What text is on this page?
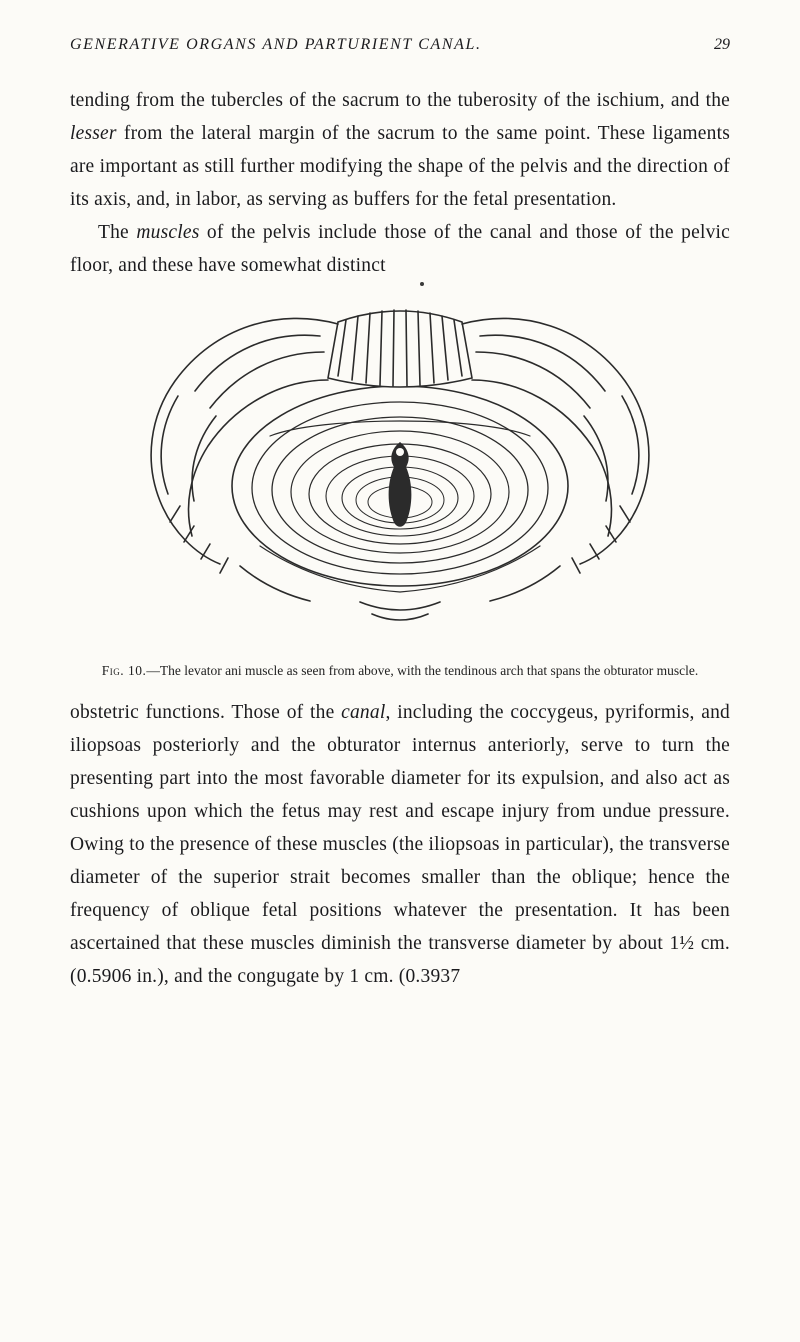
GENERATIVE ORGANS AND PARTURIENT CANAL.	29

tending from the tubercles of the sacrum to the tuberosity of the ischium, and the lesser from the lateral margin of the sacrum to the same point. These ligaments are important as still further modifying the shape of the pelvis and the direction of its axis, and, in labor, as serving as buffers for the fetal presentation.

The muscles of the pelvis include those of the canal and those of the pelvic floor, and these have somewhat distinct

Fig. 10.—The levator ani muscle as seen from above, with the tendinous arch that spans the obturator muscle.

obstetric functions. Those of the canal, including the coccygeus, pyriformis, and iliopsoas posteriorly and the obturator internus anteriorly, serve to turn the presenting part into the most favorable diameter for its expulsion, and also act as cushions upon which the fetus may rest and escape injury from undue pressure. Owing to the presence of these muscles (the iliopsoas in particular), the transverse diameter of the superior strait becomes smaller than the oblique; hence the frequency of oblique fetal positions whatever the presentation. It has been ascertained that these muscles diminish the transverse diameter by about 1½ cm. (0.5906 in.), and the congugate by 1 cm. (0.3937
